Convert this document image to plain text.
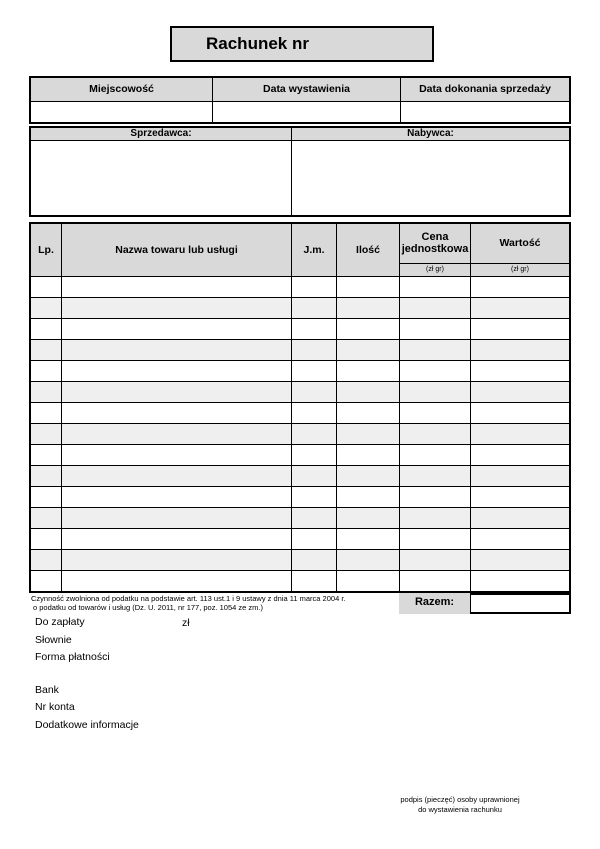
Rachunek nr
Miejscowość	Data wystawienia	Data dokonania sprzedaży

Sprzedawca:	Nabywca:

Lp.	Nazwa towaru lub usługi	J.m.	Ilość	Cena jednostkowa	Wartość
				(zł gr)	(zł gr)

Czynność zwolniona od podatku na podstawie art. 113 ust.1 i 9 ustawy z dnia 11 marca 2004 r.
o podatku od towarów i usług (Dz. U. 2011, nr 177, poz. 1054 ze zm.)	Razem:
Do zapłaty	zł
Słownie
Forma płatności
Bank
Nr konta
Dodatkowe informacje
podpis (pieczęć) osoby uprawnionej
do wystawienia rachunku
